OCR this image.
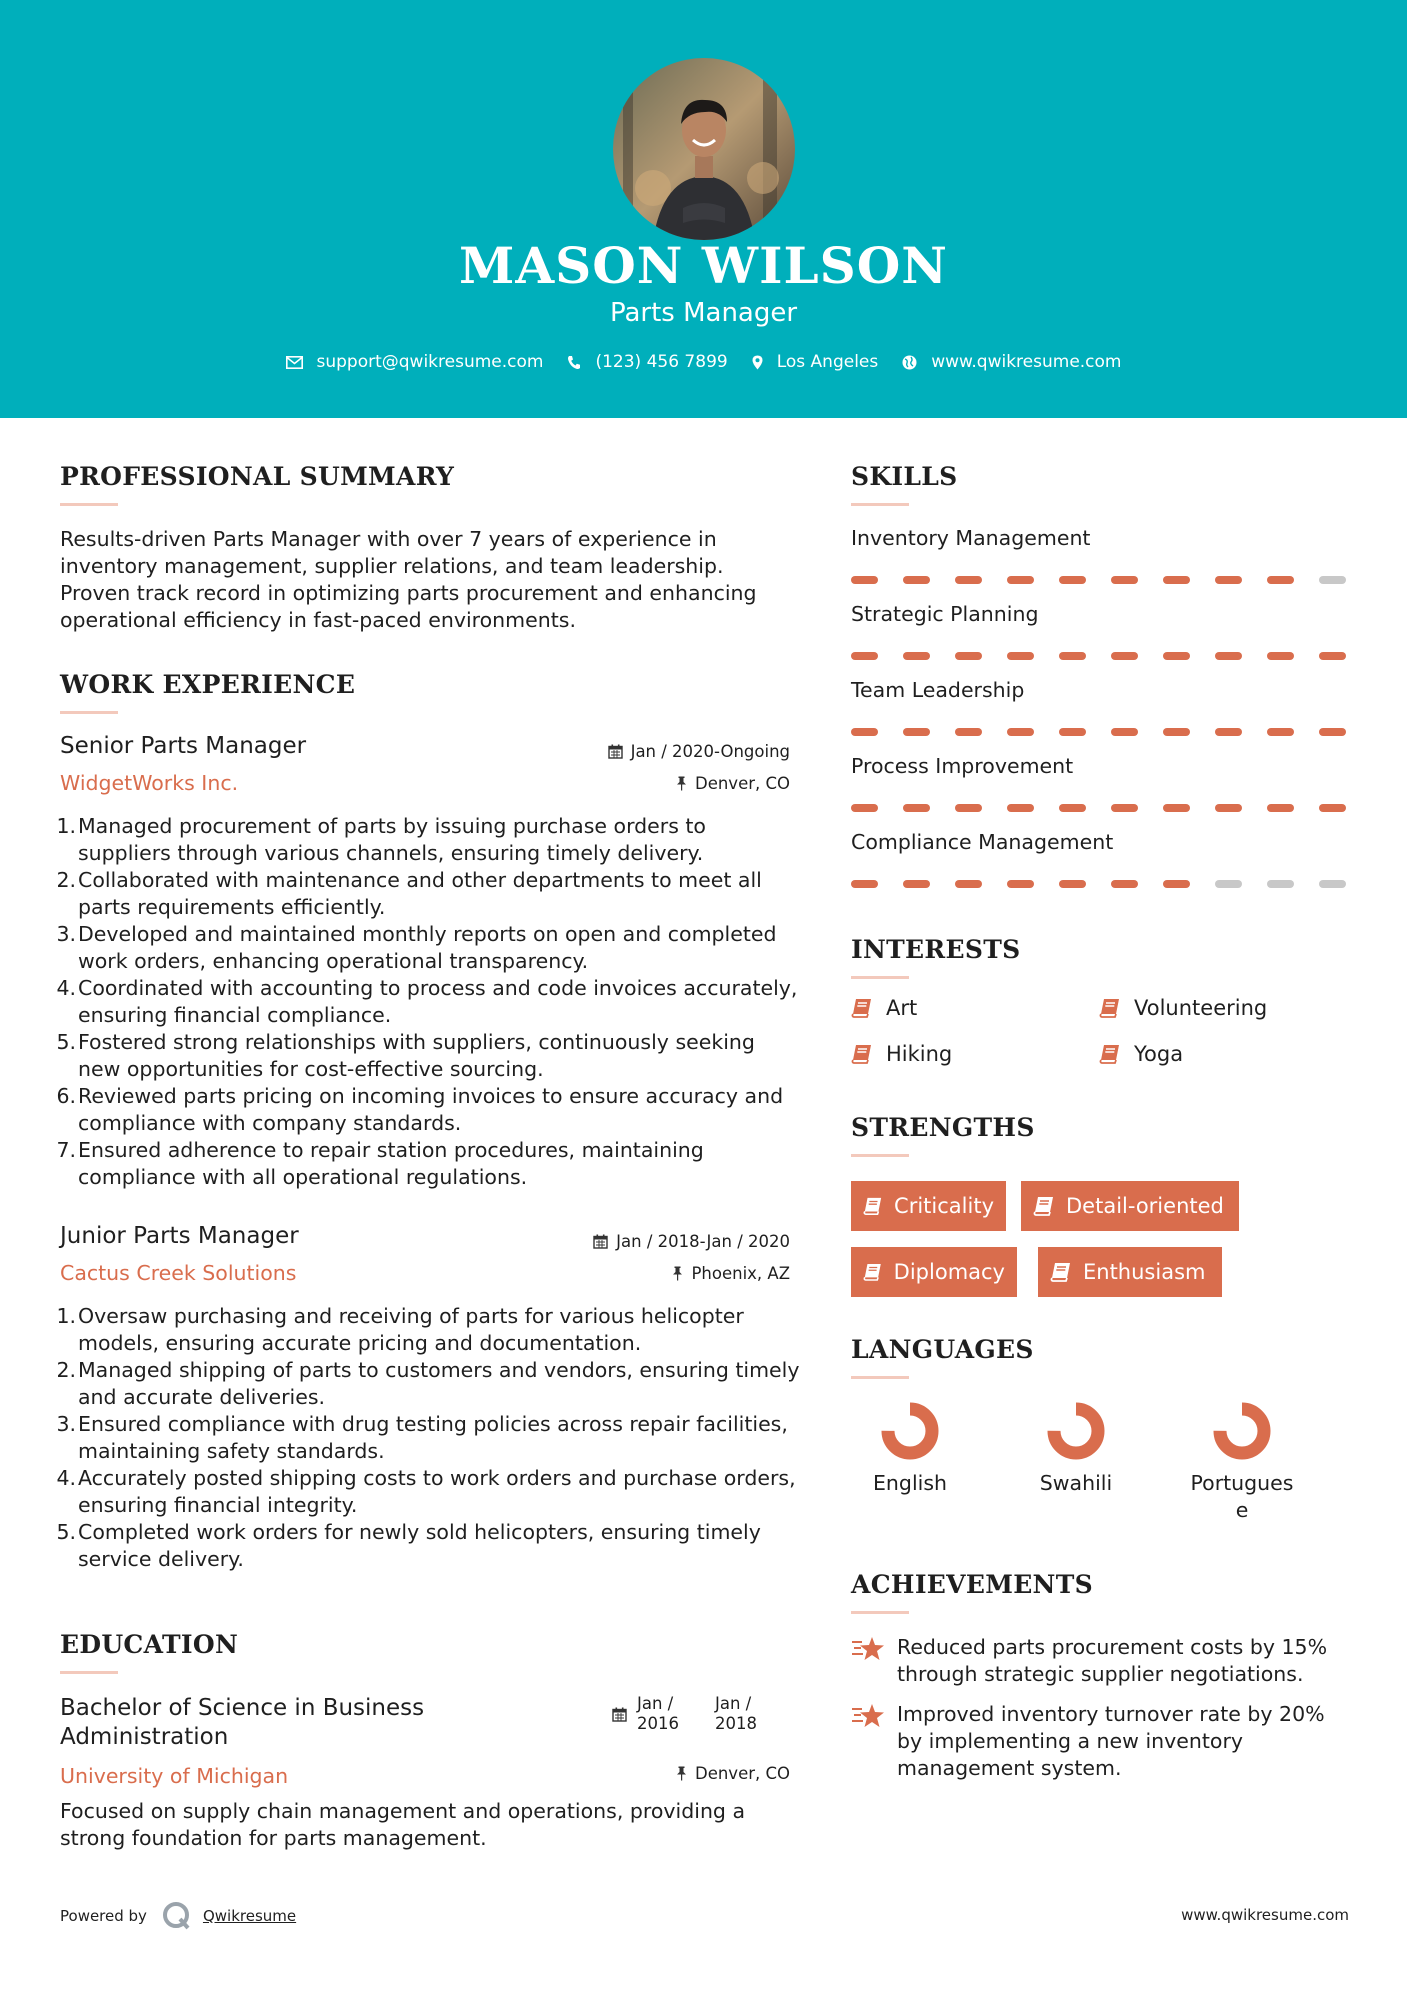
MASON WILSON
Parts Manager
support@qwikresume.com	(123) 456 7899	Los Angeles	www.qwikresume.com
PROFESSIONAL SUMMARY
Results-driven Parts Manager with over 7 years of experience in inventory management, supplier relations, and team leadership. Proven track record in optimizing parts procurement and enhancing operational efficiency in fast-paced environments.
WORK EXPERIENCE
Senior Parts Manager	Jan / 2020-Ongoing
WidgetWorks Inc.	Denver, CO
1. Managed procurement of parts by issuing purchase orders to suppliers through various channels, ensuring timely delivery.
2. Collaborated with maintenance and other departments to meet all parts requirements efficiently.
3. Developed and maintained monthly reports on open and completed work orders, enhancing operational transparency.
4. Coordinated with accounting to process and code invoices accurately, ensuring financial compliance.
5. Fostered strong relationships with suppliers, continuously seeking new opportunities for cost-effective sourcing.
6. Reviewed parts pricing on incoming invoices to ensure accuracy and compliance with company standards.
7. Ensured adherence to repair station procedures, maintaining compliance with all operational regulations.
Junior Parts Manager	Jan / 2018-Jan / 2020
Cactus Creek Solutions	Phoenix, AZ
1. Oversaw purchasing and receiving of parts for various helicopter models, ensuring accurate pricing and documentation.
2. Managed shipping of parts to customers and vendors, ensuring timely and accurate deliveries.
3. Ensured compliance with drug testing policies across repair facilities, maintaining safety standards.
4. Accurately posted shipping costs to work orders and purchase orders, ensuring financial integrity.
5. Completed work orders for newly sold helicopters, ensuring timely service delivery.
EDUCATION
Bachelor of Science in Business
Administration
Jan /
2016
Jan /
2018
University of Michigan	Denver, CO
Focused on supply chain management and operations, providing a strong foundation for parts management.
SKILLS
Inventory Management
Strategic Planning
Team Leadership
Process Improvement
Compliance Management
INTERESTS
Art	Volunteering
Hiking	Yoga
STRENGTHS
Criticality	Detail-oriented
Diplomacy	Enthusiasm
LANGUAGES
English	Swahili	Portugues
e
ACHIEVEMENTS
Reduced parts procurement costs by 15% through strategic supplier negotiations.
Improved inventory turnover rate by 20% by implementing a new inventory management system.
Powered by	Qwikresume	www.qwikresume.com
